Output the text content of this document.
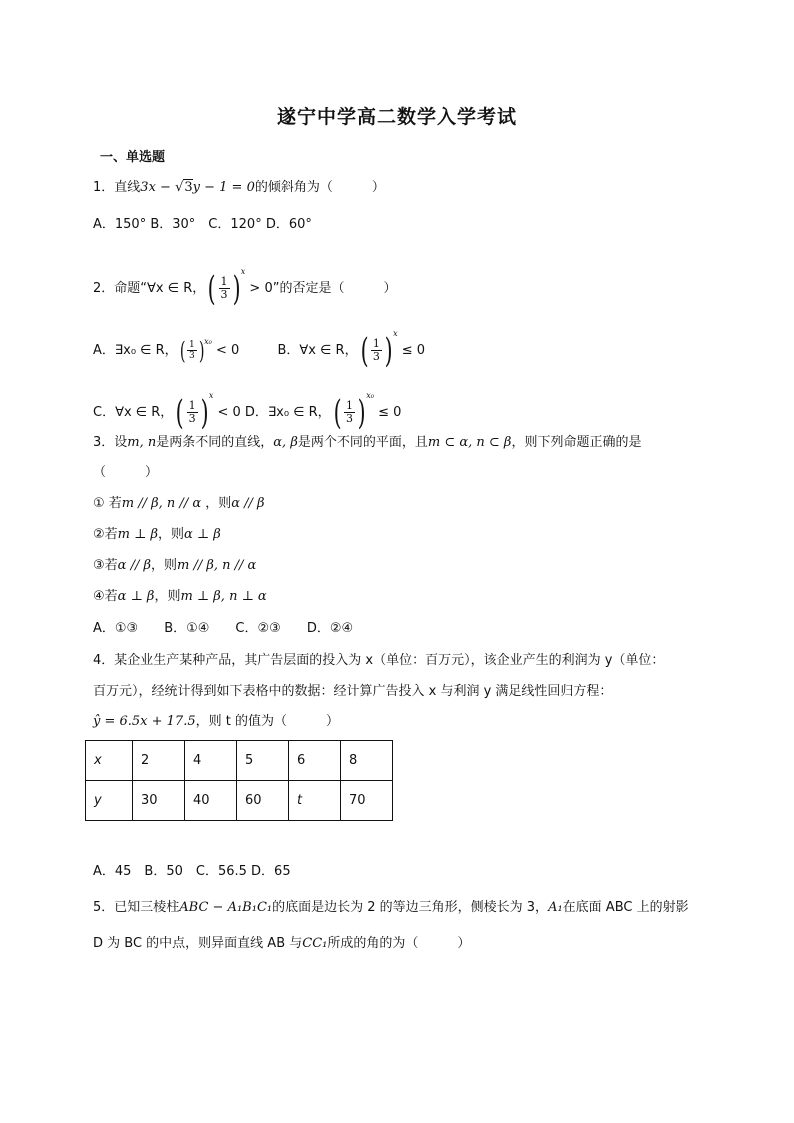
遂宁中学高二数学入学考试
一、单选题
1．直线3x − √3y − 1 = 0的倾斜角为（　　　）
A．150° B．30°　C．120° D．60°
2．命题“∀x ∈ R，( $\frac{1}{3} )^x > 0$”的否定是（　　　）
A．∃x₀ ∈ R，( $\frac{1}{3} )^{x_0} < 0$	B．∀x ∈ R，( $\frac{1}{3} )^x \le 0$
C．∀x ∈ R，( $\frac{1}{3} )^x < 0$ D．∃x₀ ∈ R，( $\frac{1}{3} )^{x_0} \le 0$
3．设m, n是两条不同的直线，α, β是两个不同的平面，且m ⊂ α, n ⊂ β，则下列命题正确的是
（　　　）
① 若m // β, n // α ，则α // β
②若m ⊥ β，则α ⊥ β
③若α // β，则m // β, n // α
④若α ⊥ β，则m ⊥ β, n ⊥ α
A．①③　　B．①④　　C．②③　　D．②④
4．某企业生产某种产品，其广告层面的投入为 x（单位：百万元），该企业产生的利润为 y（单位：
百万元），经统计得到如下表格中的数据：经计算广告投入 x 与利润 y 满足线性回归方程：
ŷ = 6.5x + 17.5，则 t 的值为（　　　）
x	2	4	5	6	8
y	30	40	60	t	70
A．45　B．50　C．56.5 D．65
5．已知三棱柱ABC − A₁B₁C₁的底面是边长为 2 的等边三角形，侧棱长为 3，A₁在底面 ABC 上的射影
D 为 BC 的中点，则异面直线 AB 与CC₁所成的角的为（　　　）
